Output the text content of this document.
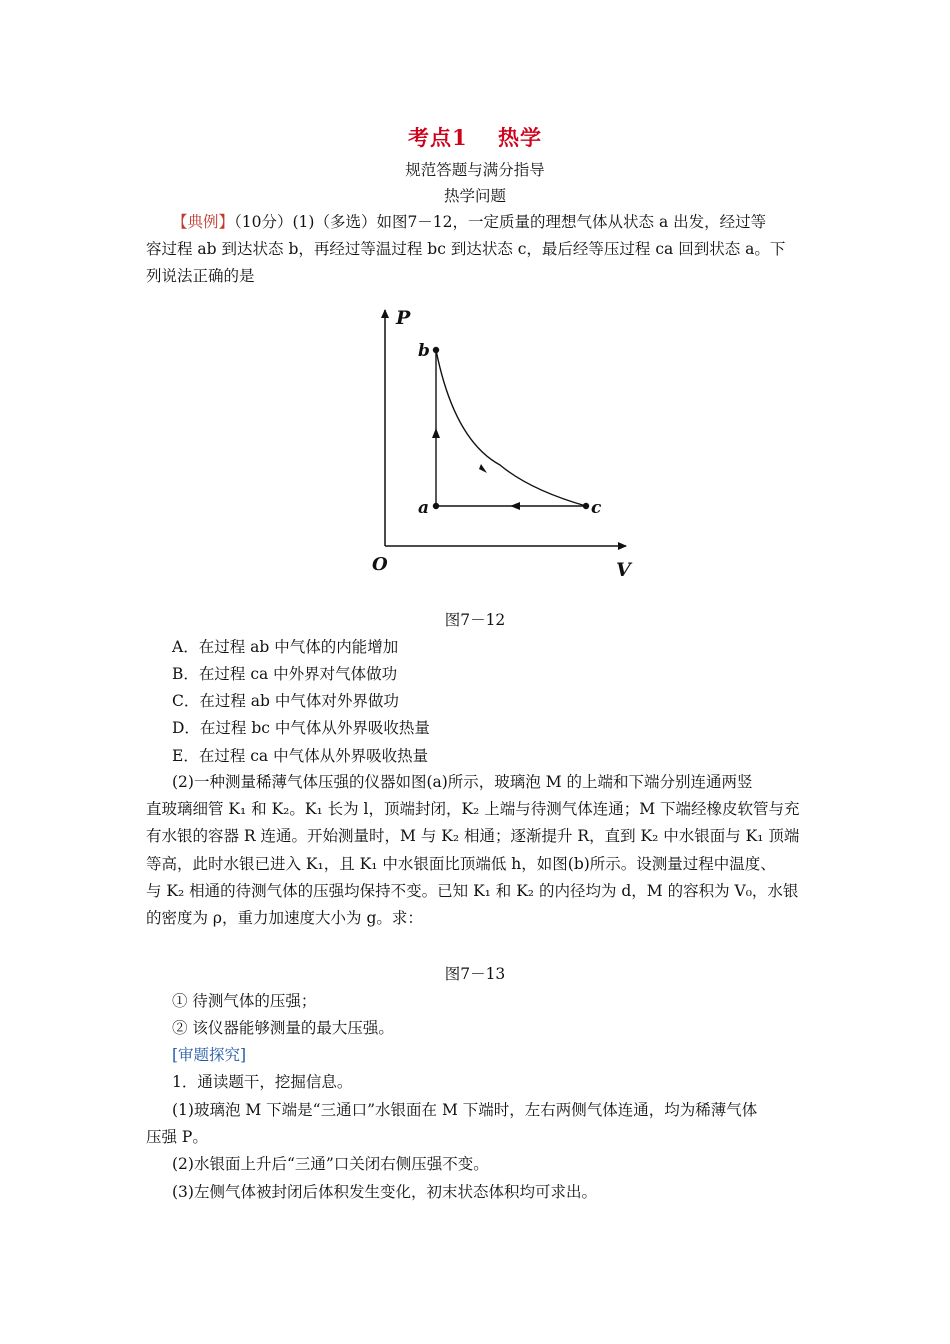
考点1　 热学
规范答题与满分指导
热学问题
【典例】（10分）(1)（多选）如图7－12，一定质量的理想气体从状态 a 出发，经过等
容过程 ab 到达状态 b，再经过等温过程 bc 到达状态 c，最后经等压过程 ca 回到状态 a。下
列说法正确的是
P
V
O
b
a	c
图7－12
A．在过程 ab 中气体的内能增加
B．在过程 ca 中外界对气体做功
C．在过程 ab 中气体对外界做功
D．在过程 bc 中气体从外界吸收热量
E．在过程 ca 中气体从外界吸收热量
(2)一种测量稀薄气体压强的仪器如图(a)所示，玻璃泡 M 的上端和下端分别连通两竖
直玻璃细管 K₁ 和 K₂。K₁ 长为 l，顶端封闭，K₂ 上端与待测气体连通；M 下端经橡皮软管与充
有水银的容器 R 连通。开始测量时，M 与 K₂ 相通；逐渐提升 R，直到 K₂ 中水银面与 K₁ 顶端
等高，此时水银已进入 K₁，且 K₁ 中水银面比顶端低 h，如图(b)所示。设测量过程中温度、
与 K₂ 相通的待测气体的压强均保持不变。已知 K₁ 和 K₂ 的内径均为 d，M 的容积为 V₀，水银
的密度为 ρ，重力加速度大小为 g。求：
图7－13
① 待测气体的压强；
② 该仪器能够测量的最大压强。
[审题探究]
1．通读题干，挖掘信息。
(1)玻璃泡 M 下端是“三通口”水银面在 M 下端时，左右两侧气体连通，均为稀薄气体
压强 P。
(2)水银面上升后“三通”口关闭右侧压强不变。
(3)左侧气体被封闭后体积发生变化，初末状态体积均可求出。
